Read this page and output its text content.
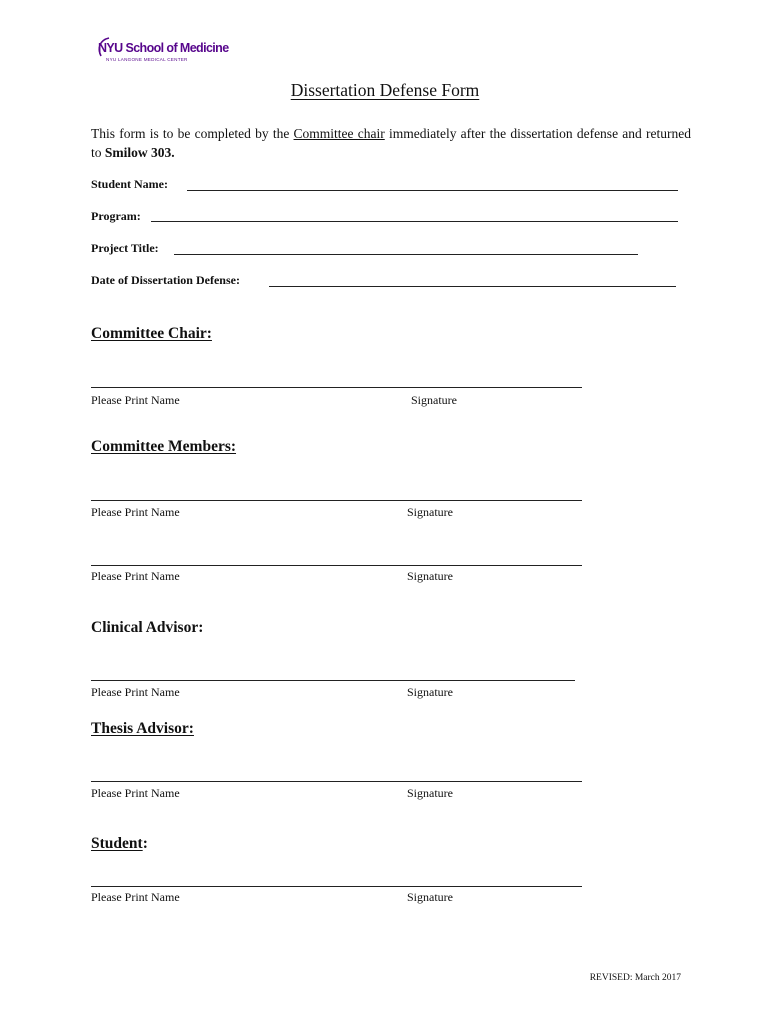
NYU School of Medicine
NYU LANGONE MEDICAL CENTER
Dissertation Defense Form
This form is to be completed by the Committee chair immediately after the dissertation defense and returned to Smilow 303.
Student Name:
Program:
Project Title:
Date of Dissertation Defense:
Committee Chair:
Please Print Name	Signature
Committee Members:
Please Print Name	Signature
Please Print Name	Signature
Clinical Advisor:
Please Print Name	Signature
Thesis Advisor:
Please Print Name	Signature
Student:
Please Print Name	Signature
REVISED: March 2017
